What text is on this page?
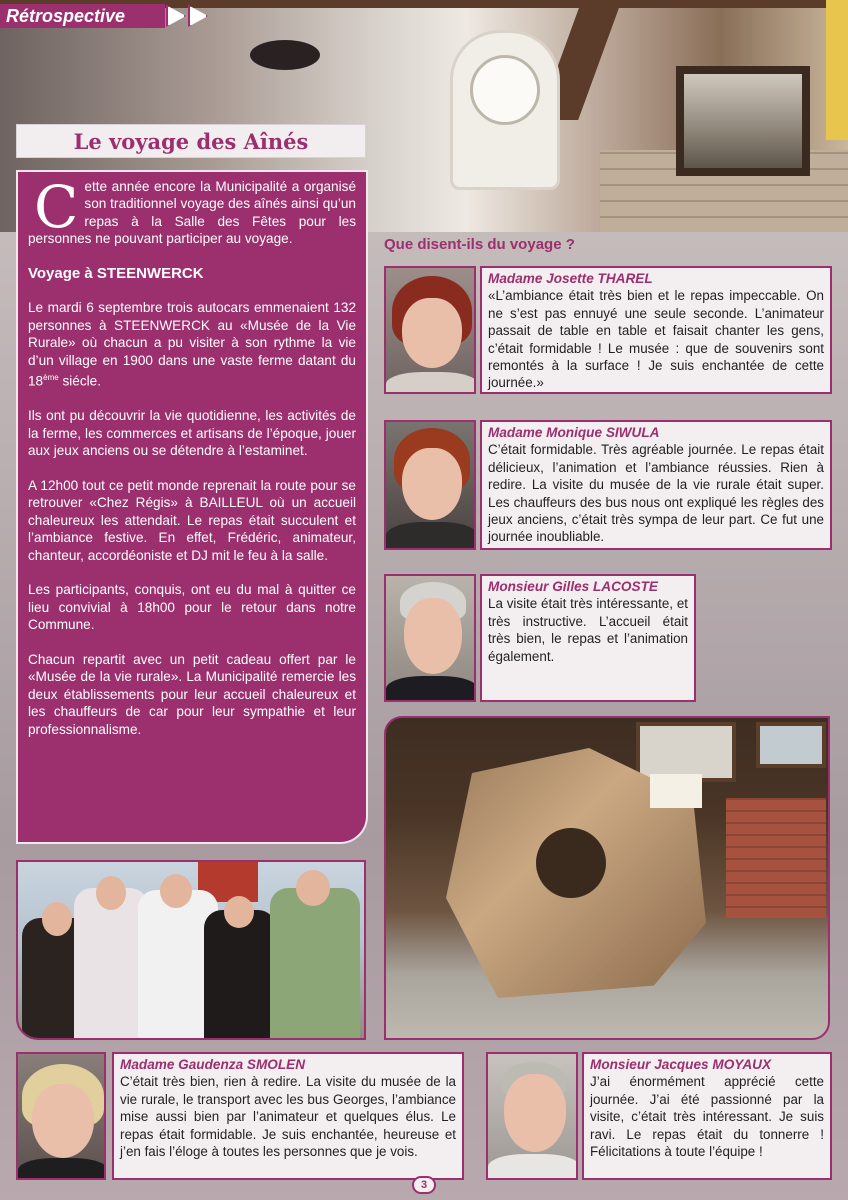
Rétrospective
Le voyage des Aînés

C ette année encore la Municipalité a organisé son traditionnel voyage des aînés ainsi qu’un repas à la Salle des Fêtes pour les personnes ne pouvant participer au voyage.

Voyage à STEENWERCK

Le mardi 6 septembre trois autocars emmenaient 132 personnes à STEENWERCK au «Musée de la Vie Rurale» où chacun a pu visiter à son rythme la vie d’un village en 1900 dans une vaste ferme datant du 18ème siécle.

Ils ont pu découvrir la vie quotidienne, les activités de la ferme, les commerces et artisans de l’époque, jouer aux jeux anciens ou se détendre à l’estaminet.

A 12h00 tout ce petit monde reprenait la route pour se retrouver «Chez Régis» à BAILLEUL où un accueil chaleureux les attendait. Le repas était succulent et l’ambiance festive. En effet, Frédéric, animateur, chanteur, accordéoniste et DJ mit le feu à la salle.

Les participants, conquis, ont eu du mal à quitter ce lieu convivial à 18h00 pour le retour dans notre Commune.

Chacun repartit avec un petit cadeau offert par le «Musée de la vie rurale». La Municipalité remercie les deux établissements pour leur accueil chaleureux et les chauffeurs de car pour leur sympathie et leur professionnalisme.

Que disent-ils du voyage ?
Madame Josette THAREL
«L’ambiance était très bien et le repas impeccable. On ne s’est pas ennuyé une seule seconde. L’animateur passait de table en table et faisait chanter les gens, c’était formidable ! Le musée : que de souvenirs sont remontés à la surface ! Je suis enchantée de cette journée.»
Madame Monique SIWULA
C’était formidable. Très agréable journée. Le repas était délicieux, l’animation et l’ambiance réussies. Rien à redire. La visite du musée de la vie rurale était super. Les chauffeurs des bus nous ont expliqué les règles des jeux anciens, c’était très sympa de leur part. Ce fut une journée inoubliable.
Monsieur Gilles LACOSTE
La visite était très intéressante, et très instructive. L’accueil était très bien, le repas et l’animation également.
Madame Gaudenza SMOLEN
C’était très bien, rien à redire. La visite du musée de la vie rurale, le transport avec les bus Georges, l’ambiance mise aussi bien par l’animateur et quelques élus. Le repas était formidable. Je suis enchantée, heureuse et j’en fais l’éloge à toutes les personnes que je vois.
Monsieur Jacques MOYAUX
J’ai énormément apprécié cette journée. J’ai été passionné par la visite, c’était très intéressant. Je suis ravi. Le repas était du tonnerre ! Félicitations à toute l’équipe !
3
